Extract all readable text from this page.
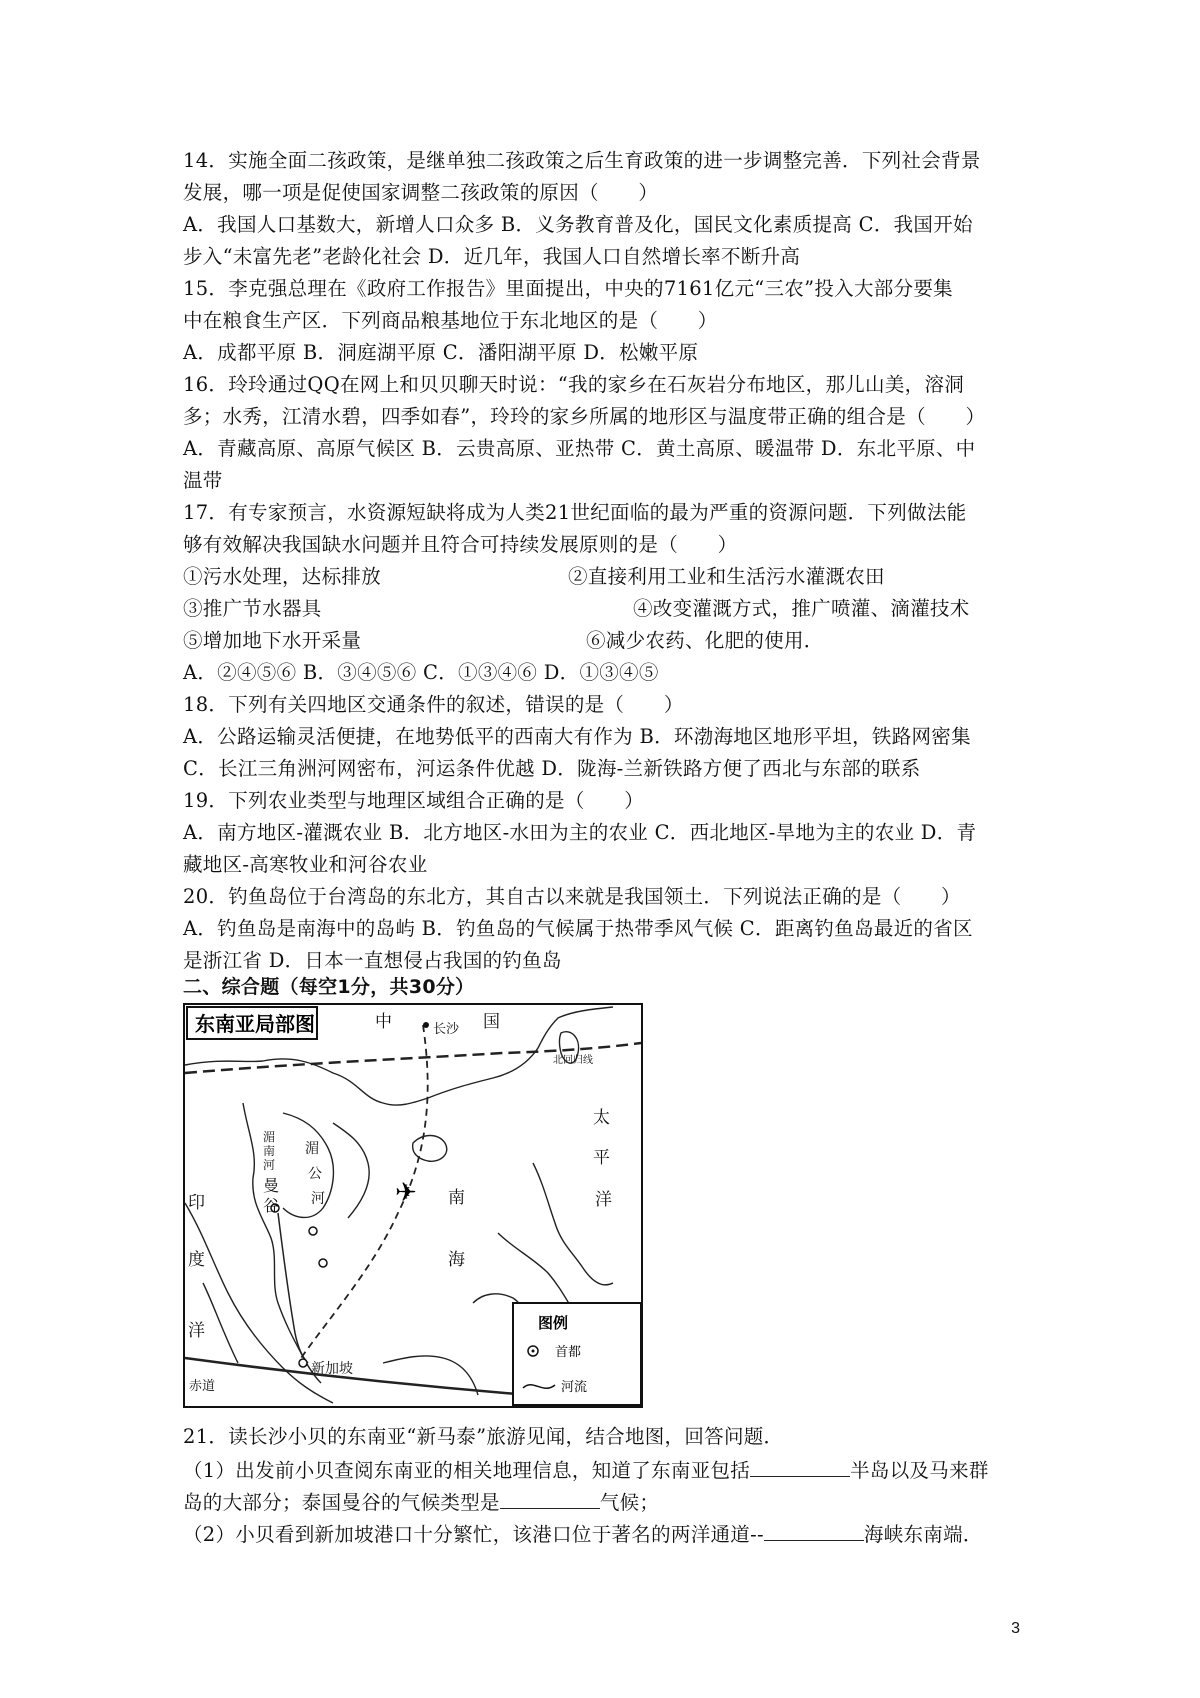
14．实施全面二孩政策，是继单独二孩政策之后生育政策的进一步调整完善．下列社会背景
发展，哪一项是促使国家调整二孩政策的原因（　　）
A．我国人口基数大，新增人口众多 B．义务教育普及化，国民文化素质提高 C．我国开始
步入“未富先老”老龄化社会 D．近几年，我国人口自然增长率不断升高
15．李克强总理在《政府工作报告》里面提出，中央的7161亿元“三农”投入大部分要集
中在粮食生产区．下列商品粮基地位于东北地区的是（　　）
A．成都平原 B．洞庭湖平原 C．潘阳湖平原 D．松嫩平原
16．玲玲通过QQ在网上和贝贝聊天时说：“我的家乡在石灰岩分布地区，那儿山美，溶洞
多；水秀，江清水碧，四季如春”，玲玲的家乡所属的地形区与温度带正确的组合是（　　）
A．青藏高原、高原气候区 B．云贵高原、亚热带 C．黄土高原、暖温带 D．东北平原、中
温带
17．有专家预言，水资源短缺将成为人类21世纪面临的最为严重的资源问题．下列做法能
够有效解决我国缺水问题并且符合可持续发展原则的是（　　）
①污水处理，达标排放	②直接利用工业和生活污水灌溉农田
③推广节水器具	④改变灌溉方式，推广喷灌、滴灌技术
⑤增加地下水开采量	⑥减少农药、化肥的使用．
A．②④⑤⑥ B．③④⑤⑥ C．①③④⑥ D．①③④⑤
18．下列有关四地区交通条件的叙述，错误的是（　　）
A．公路运输灵活便捷，在地势低平的西南大有作为 B．环渤海地区地形平坦，铁路网密集
C．长江三角洲河网密布，河运条件优越 D．陇海-兰新铁路方便了西北与东部的联系
19．下列农业类型与地理区域组合正确的是（　　）
A．南方地区-灌溉农业 B．北方地区-水田为主的农业 C．西北地区-旱地为主的农业 D．青
藏地区-高寒牧业和河谷农业
20．钓鱼岛位于台湾岛的东北方，其自古以来就是我国领土．下列说法正确的是（　　）
A．钓鱼岛是南海中的岛屿 B．钓鱼岛的气候属于热带季风气候 C．距离钓鱼岛最近的省区
是浙江省 D．日本一直想侵占我国的钓鱼岛
二、综合题（每空1分，共30分）
东南亚局部图
✈
中	国
长沙
北回归线
太
平
洋
南
海
印
度
洋
湄
南
河
曼
谷
湄
公
河
新加坡
赤道
图例
首都
河流
21．读长沙小贝的东南亚“新马泰”旅游见闻，结合地图，回答问题．
（1）出发前小贝查阅东南亚的相关地理信息，知道了东南亚包括	半岛以及马来群
岛的大部分；泰国曼谷的气候类型是	气候；
（2）小贝看到新加坡港口十分繁忙，该港口位于著名的两洋通道--	海峡东南端．
3
